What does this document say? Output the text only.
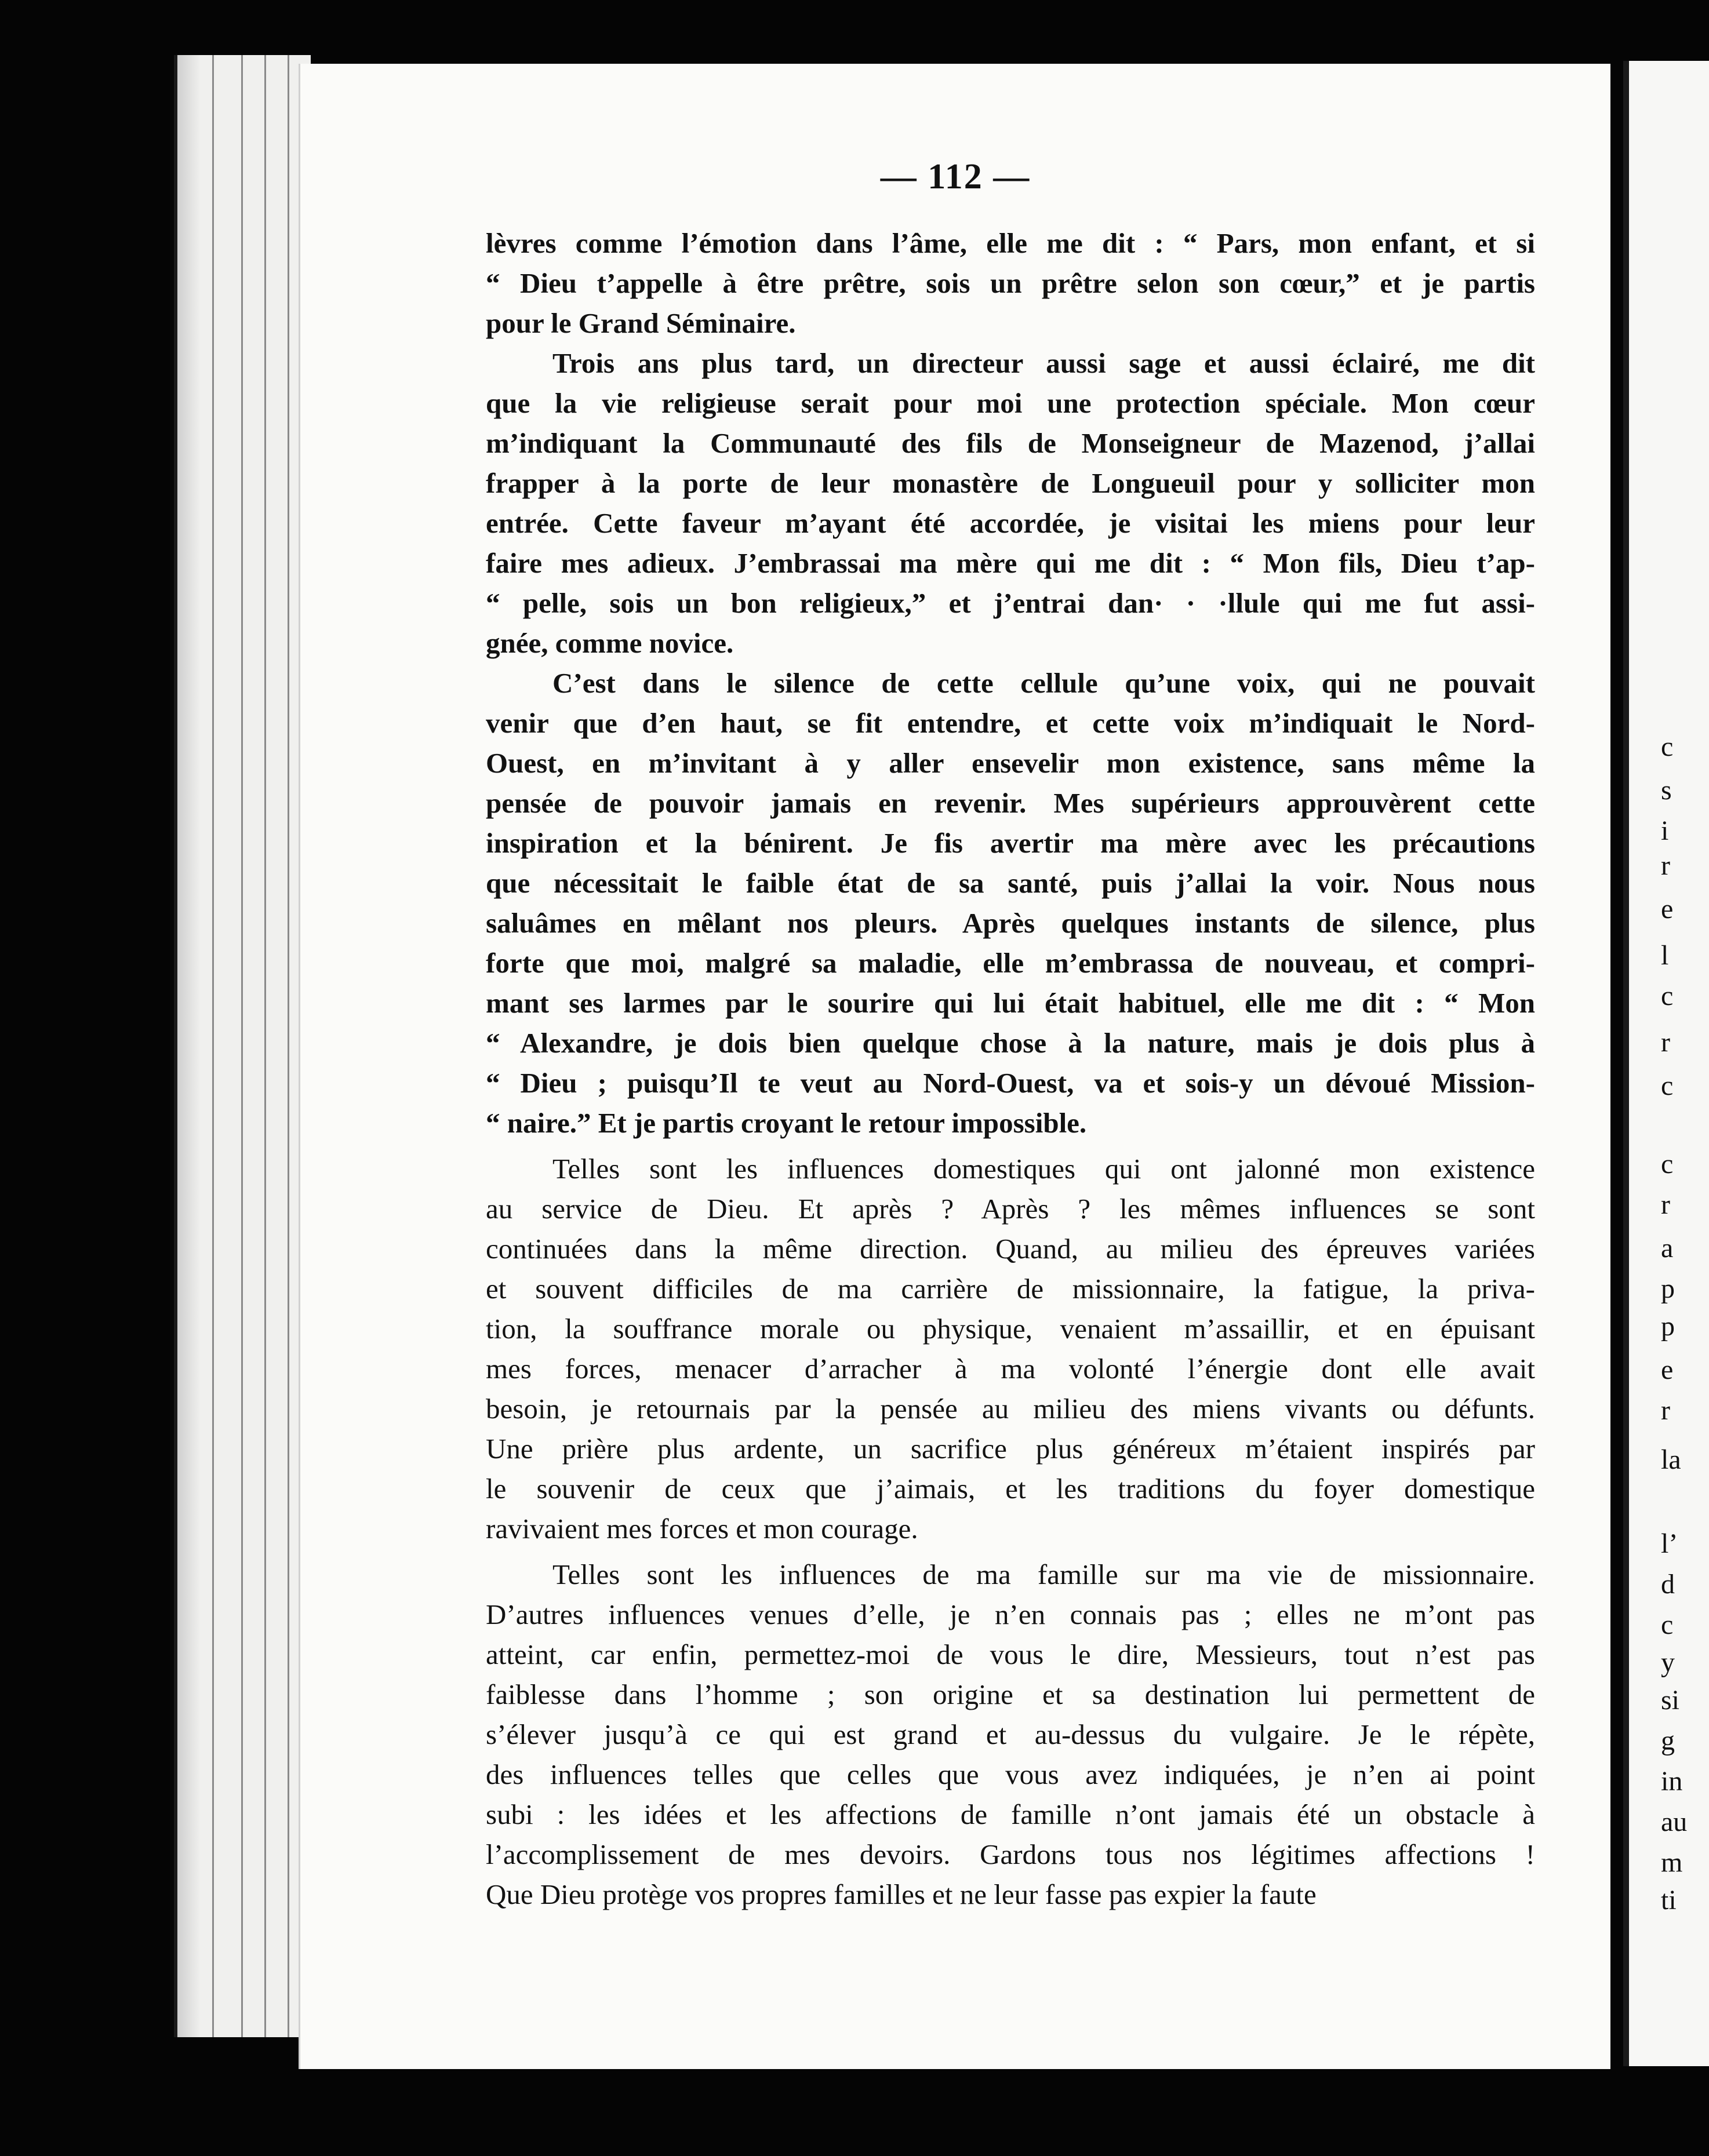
— 112 —
lèvres comme l’émotion dans l’âme, elle me dit : “ Pars, mon enfant, et si
“ Dieu t’appelle à être prêtre, sois un prêtre selon son cœur,” et je partis
pour le Grand Séminaire.
Trois ans plus tard, un directeur aussi sage et aussi éclairé, me dit
que la vie religieuse serait pour moi une protection spéciale. Mon cœur
m’indiquant la Communauté des fils de Monseigneur de Mazenod, j’allai
frapper à la porte de leur monastère de Longueuil pour y solliciter mon
entrée. Cette faveur m’ayant été accordée, je visitai les miens pour leur
faire mes adieux. J’embrassai ma mère qui me dit : “ Mon fils, Dieu t’ap-
“ pelle, sois un bon religieux,” et j’entrai dan· · ·llule qui me fut assi-
gnée, comme novice.
C’est dans le silence de cette cellule qu’une voix, qui ne pouvait
venir que d’en haut, se fit entendre, et cette voix m’indiquait le Nord-
Ouest, en m’invitant à y aller ensevelir mon existence, sans même la
pensée de pouvoir jamais en revenir. Mes supérieurs approuvèrent cette
inspiration et la bénirent. Je fis avertir ma mère avec les précautions
que nécessitait le faible état de sa santé, puis j’allai la voir. Nous nous
saluâmes en mêlant nos pleurs. Après quelques instants de silence, plus
forte que moi, malgré sa maladie, elle m’embrassa de nouveau, et compri-
mant ses larmes par le sourire qui lui était habituel, elle me dit : “ Mon
“ Alexandre, je dois bien quelque chose à la nature, mais je dois plus à
“ Dieu ; puisqu’Il te veut au Nord-Ouest, va et sois-y un dévoué Mission-
“ naire.” Et je partis croyant le retour impossible.
Telles sont les influences domestiques qui ont jalonné mon existence
au service de Dieu. Et après ? Après ? les mêmes influences se sont
continuées dans la même direction. Quand, au milieu des épreuves variées
et souvent difficiles de ma carrière de missionnaire, la fatigue, la priva-
tion, la souffrance morale ou physique, venaient m’assaillir, et en épuisant
mes forces, menacer d’arracher à ma volonté l’énergie dont elle avait
besoin, je retournais par la pensée au milieu des miens vivants ou défunts.
Une prière plus ardente, un sacrifice plus généreux m’étaient inspirés par
le souvenir de ceux que j’aimais, et les traditions du foyer domestique
ravivaient mes forces et mon courage.
Telles sont les influences de ma famille sur ma vie de missionnaire.
D’autres influences venues d’elle, je n’en connais pas ; elles ne m’ont pas
atteint, car enfin, permettez-moi de vous le dire, Messieurs, tout n’est pas
faiblesse dans l’homme ; son origine et sa destination lui permettent de
s’élever jusqu’à ce qui est grand et au-dessus du vulgaire. Je le répète,
des influences telles que celles que vous avez indiquées, je n’en ai point
subi : les idées et les affections de famille n’ont jamais été un obstacle à
l’accomplissement de mes devoirs. Gardons tous nos légitimes affections !
Que Dieu protège vos propres familles et ne leur fasse pas expier la faute
c
s
i
r
e
l
c
r
c
c
r
a
p
p
e
r
la
l’
d
c
y
si
g
in
au
m
ti
